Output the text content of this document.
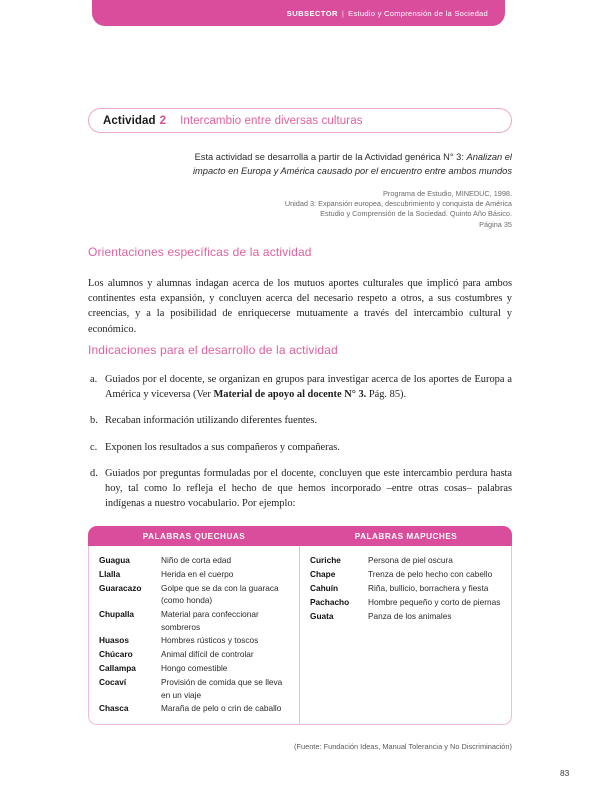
SUBSECTOR | Estudio y Comprensión de la Sociedad
Actividad 2	Intercambio entre diversas culturas
Esta actividad se desarrolla a partir de la Actividad genérica N° 3: Analizan el
impacto en Europa y América causado por el encuentro entre ambos mundos
Programa de Estudio, MINEDUC, 1998.
Unidad 3: Expansión europea, descubrimiento y conquista de América
Estudio y Comprensión de la Sociedad. Quinto Año Básico.
Página 35
Orientaciones específicas de la actividad
Los alumnos y alumnas indagan acerca de los mutuos aportes culturales que implicó para ambos continentes esta expansión, y concluyen acerca del necesario respeto a otros, a sus costumbres y creencias, y a la posibilidad de enriquecerse mutuamente a través del intercambio cultural y económico.
Indicaciones para el desarrollo de la actividad
a. Guiados por el docente, se organizan en grupos para investigar acerca de los aportes de Europa a América y viceversa (Ver Material de apoyo al docente N° 3. Pág. 85).
b. Recaban información utilizando diferentes fuentes.
c. Exponen los resultados a sus compañeros y compañeras.
d. Guiados por preguntas formuladas por el docente, concluyen que este intercambio perdura hasta hoy, tal como lo refleja el hecho de que hemos incorporado –entre otras cosas– palabras indígenas a nuestro vocabulario. Por ejemplo:
PALABRAS QUECHUAS	PALABRAS MAPUCHES
Guagua	Niño de corta edad
Llalla	Herida en el cuerpo
Guaracazo	Golpe que se da con la guaraca (como honda)
Chupalla	Material para confeccionar sombreros
Huasos	Hombres rústicos y toscos
Chúcaro	Animal difícil de controlar
Callampa	Hongo comestible
Cocaví	Provisión de comida que se lleva en un viaje
Chasca	Maraña de pelo o crin de caballo
Curiche	Persona de piel oscura
Chape	Trenza de pelo hecho con cabello
Cahuín	Riña, bullicio, borrachera y fiesta
Pachacho	Hombre pequeño y corto de piernas
Guata	Panza de los animales
(Fuente: Fundación Ideas, Manual Tolerancia y No Discriminación)
83
